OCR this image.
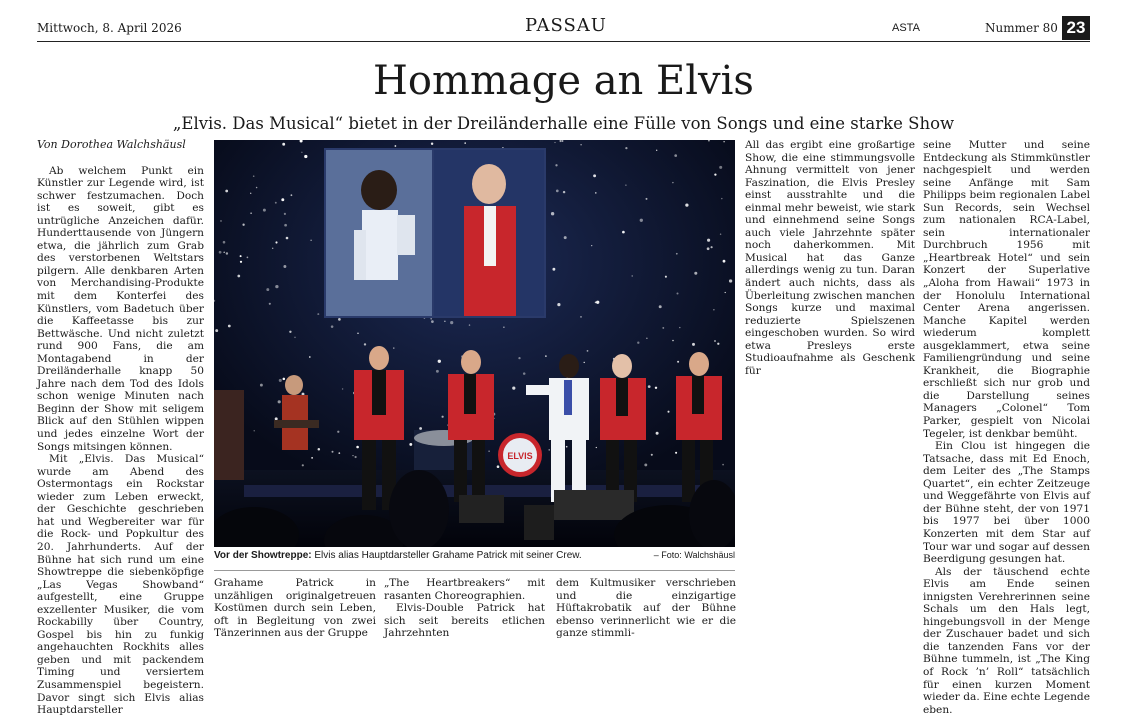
Mittwoch, 8. April 2026	PASSAU	ASTA	Nummer 80 23
Hommage an Elvis
„Elvis. Das Musical“ bietet in der Dreiländerhalle eine Fülle von Songs und eine starke Show
Von Dorothea Walchshäusl

Ab welchem Punkt ein Künstler zur Legende wird, ist schwer festzumachen. Doch ist es soweit, gibt es untrügliche Anzeichen dafür. Hunderttausende von Jüngern etwa, die jährlich zum Grab des verstorbenen Weltstars pilgern. Alle denkbaren Arten von Merchandising-Produkte mit dem Konterfei des Künstlers, vom Badetuch über die Kaffeetasse bis zur Bettwäsche. Und nicht zuletzt rund 900 Fans, die am Montagabend in der Dreiländerhalle knapp 50 Jahre nach dem Tod des Idols schon wenige Minuten nach Beginn der Show mit seligem Blick auf den Stühlen wippen und jedes einzelne Wort der Songs mitsingen können.

Mit „Elvis. Das Musical“ wurde am Abend des Ostermontags ein Rockstar wieder zum Leben erweckt, der Geschichte geschrieben hat und Wegbereiter war für die Rock- und Popkultur des 20. Jahrhunderts. Auf der Bühne hat sich rund um eine Showtreppe die siebenköpfige „Las Vegas Showband“ aufgestellt, eine Gruppe exzellenter Musiker, die vom Rockabilly über Country, Gospel bis hin zu funkig angehauchten Rockhits alles geben und mit packendem Timing und versiertem Zusammenspiel begeistern. Davor singt sich Elvis alias Hauptdarsteller

ELVIS
Vor der Showtreppe: Elvis alias Hauptdarsteller Grahame Patrick mit seiner Crew.	– Foto: Walchshäusl

Grahame Patrick in unzähligen originalgetreuen Kostümen durch sein Leben, oft in Begleitung von zwei Tänzerinnen aus der Gruppe

„The Heartbreakers“ mit rasanten Choreographien.

Elvis-Double Patrick hat sich seit bereits etlichen Jahrzehnten

dem Kultmusiker verschrieben und die einzigartige Hüftakrobatik auf der Bühne ebenso verinnerlicht wie er die ganze stimmli-

All das ergibt eine großartige Show, die eine stimmungsvolle Ahnung vermittelt von jener Faszination, die Elvis Presley einst ausstrahlte und die einmal mehr beweist, wie stark und einnehmend seine Songs auch viele Jahrzehnte später noch daherkommen. Mit Musical hat das Ganze allerdings wenig zu tun. Daran ändert auch nichts, dass als Überleitung zwischen manchen Songs kurze und maximal reduzierte Spielszenen eingeschoben wurden. So wird etwa Presleys erste Studioaufnahme als Geschenk für

seine Mutter und seine Entdeckung als Stimmkünstler nachgespielt und werden seine Anfänge mit Sam Philipps beim regionalen Label Sun Records, sein Wechsel zum nationalen RCA-Label, sein internationaler Durchbruch 1956 mit „Heartbreak Hotel“ und sein Konzert der Superlative „Aloha from Hawaii“ 1973 in der Honolulu International Center Arena angerissen. Manche Kapitel werden wiederum komplett ausgeklammert, etwa seine Familiengründung und seine Krankheit, die Biographie erschließt sich nur grob und die Darstellung seines Managers „Colonel“ Tom Parker, gespielt von Nicolai Tegeler, ist denkbar bemüht.

Ein Clou ist hingegen die Tatsache, dass mit Ed Enoch, dem Leiter des „The Stamps Quartet“, ein echter Zeitzeuge und Weggefährte von Elvis auf der Bühne steht, der von 1971 bis 1977 bei über 1000 Konzerten mit dem Star auf Tour war und sogar auf dessen Beerdigung gesungen hat.

Als der täuschend echte Elvis am Ende seinen innigsten Verehrerinnen seine Schals um den Hals legt, hingebungsvoll in der Menge der Zuschauer badet und sich die tanzenden Fans vor der Bühne tummeln, ist „The King of Rock ’n’ Roll“ tatsächlich für einen kurzen Moment wieder da. Eine echte Legende eben.
